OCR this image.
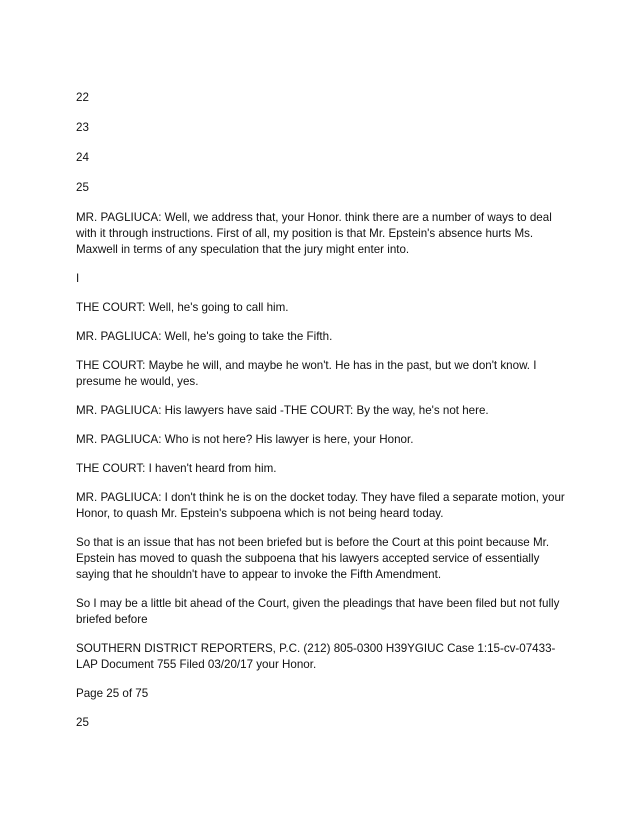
22

23

24

25

MR. PAGLIUCA: Well, we address that, your Honor. think there are a number of ways to deal with it through instructions. First of all, my position is that Mr. Epstein's absence hurts Ms. Maxwell in terms of any speculation that the jury might enter into.

I

THE COURT: Well, he's going to call him.

MR. PAGLIUCA: Well, he's going to take the Fifth.

THE COURT: Maybe he will, and maybe he won't. He has in the past, but we don't know. I presume he would, yes.

MR. PAGLIUCA: His lawyers have said -THE COURT: By the way, he's not here.

MR. PAGLIUCA: Who is not here? His lawyer is here, your Honor.

THE COURT: I haven't heard from him.

MR. PAGLIUCA: I don't think he is on the docket today. They have filed a separate motion, your Honor, to quash Mr. Epstein's subpoena which is not being heard today.

So that is an issue that has not been briefed but is before the Court at this point because Mr. Epstein has moved to quash the subpoena that his lawyers accepted service of essentially saying that he shouldn't have to appear to invoke the Fifth Amendment.

So I may be a little bit ahead of the Court, given the pleadings that have been filed but not fully briefed before

SOUTHERN DISTRICT REPORTERS, P.C. (212) 805-0300 H39YGIUC Case 1:15-cv-07433-LAP Document 755 Filed 03/20/17 your Honor.

Page 25 of 75

25
